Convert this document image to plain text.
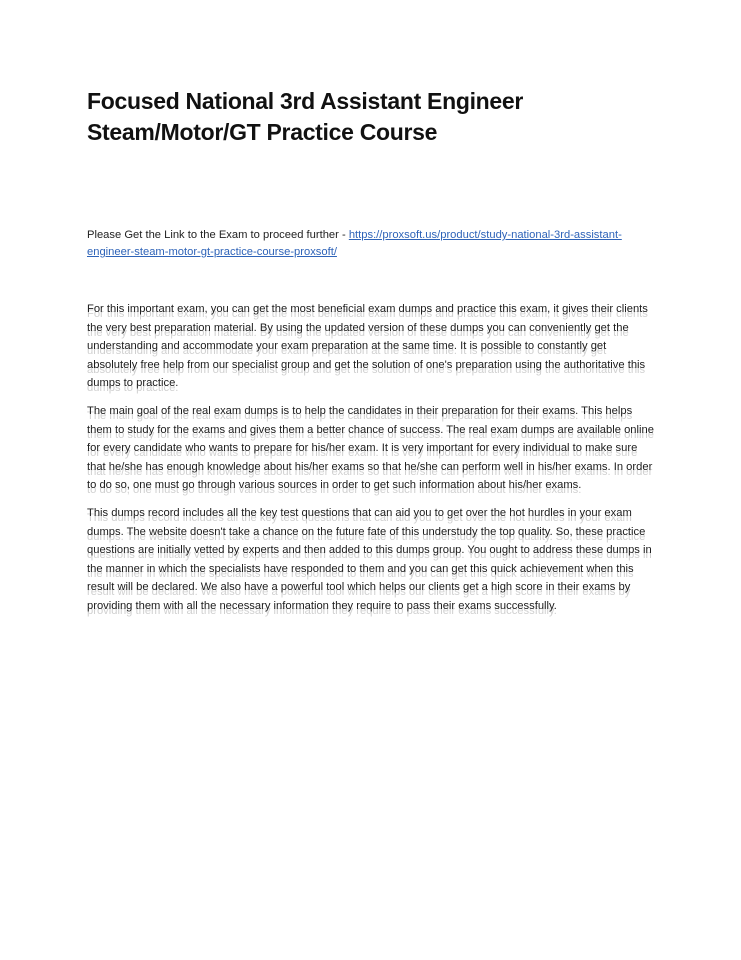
Focused National 3rd Assistant Engineer
Steam/Motor/GT Practice Course

Please Get the Link to the Exam to proceed further - https://proxsoft.us/product/study-national-3rd-assistant-engineer-steam-motor-gt-practice-course-proxsoft/

For this important exam, you can get the most beneficial exam dumps and practice this exam, it gives their clients the very best preparation material. By using the updated version of these dumps you can conveniently get the understanding and accommodate your exam preparation at the same time. It is possible to constantly get absolutely free help from our specialist group and get the solution of one's preparation using the authoritative this dumps to practice.

The main goal of the real exam dumps is to help the candidates in their preparation for their exams. This helps them to study for the exams and gives them a better chance of success. The real exam dumps are available online for every candidate who wants to prepare for his/her exam. It is very important for every individual to make sure that he/she has enough knowledge about his/her exams so that he/she can perform well in his/her exams. In order to do so, one must go through various sources in order to get such information about his/her exams.

This dumps record includes all the key test questions that can aid you to get over the hot hurdles in your exam dumps. The website doesn't take a chance on the future fate of this understudy the top quality. So, these practice questions are initially vetted by experts and then added to this dumps group. You ought to address these dumps in the manner in which the specialists have responded to them and you can get this quick achievement when this result will be declared. We also have a powerful tool which helps our clients get a high score in their exams by providing them with all the necessary information they require to pass their exams successfully.
